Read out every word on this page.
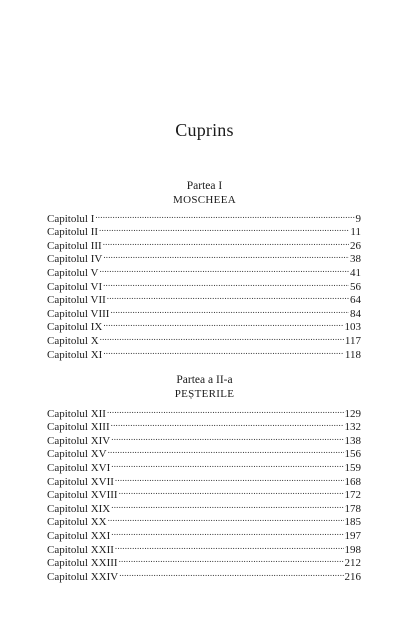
Cuprins
Partea I
MOSCHEEA
Capitolul I .....	9
Capitolul II .....	11
Capitolul III .....	26
Capitolul IV .....	38
Capitolul V .....	41
Capitolul VI .....	56
Capitolul VII .....	64
Capitolul VIII .....	84
Capitolul IX .....	103
Capitolul X .....	117
Capitolul XI .....	118
Partea a II-a
PEȘTERILE
Capitolul XII .....	129
Capitolul XIII .....	132
Capitolul XIV .....	138
Capitolul XV .....	156
Capitolul XVI .....	159
Capitolul XVII .....	168
Capitolul XVIII .....	172
Capitolul XIX .....	178
Capitolul XX .....	185
Capitolul XXI .....	197
Capitolul XXII .....	198
Capitolul XXIII .....	212
Capitolul XXIV .....	216
